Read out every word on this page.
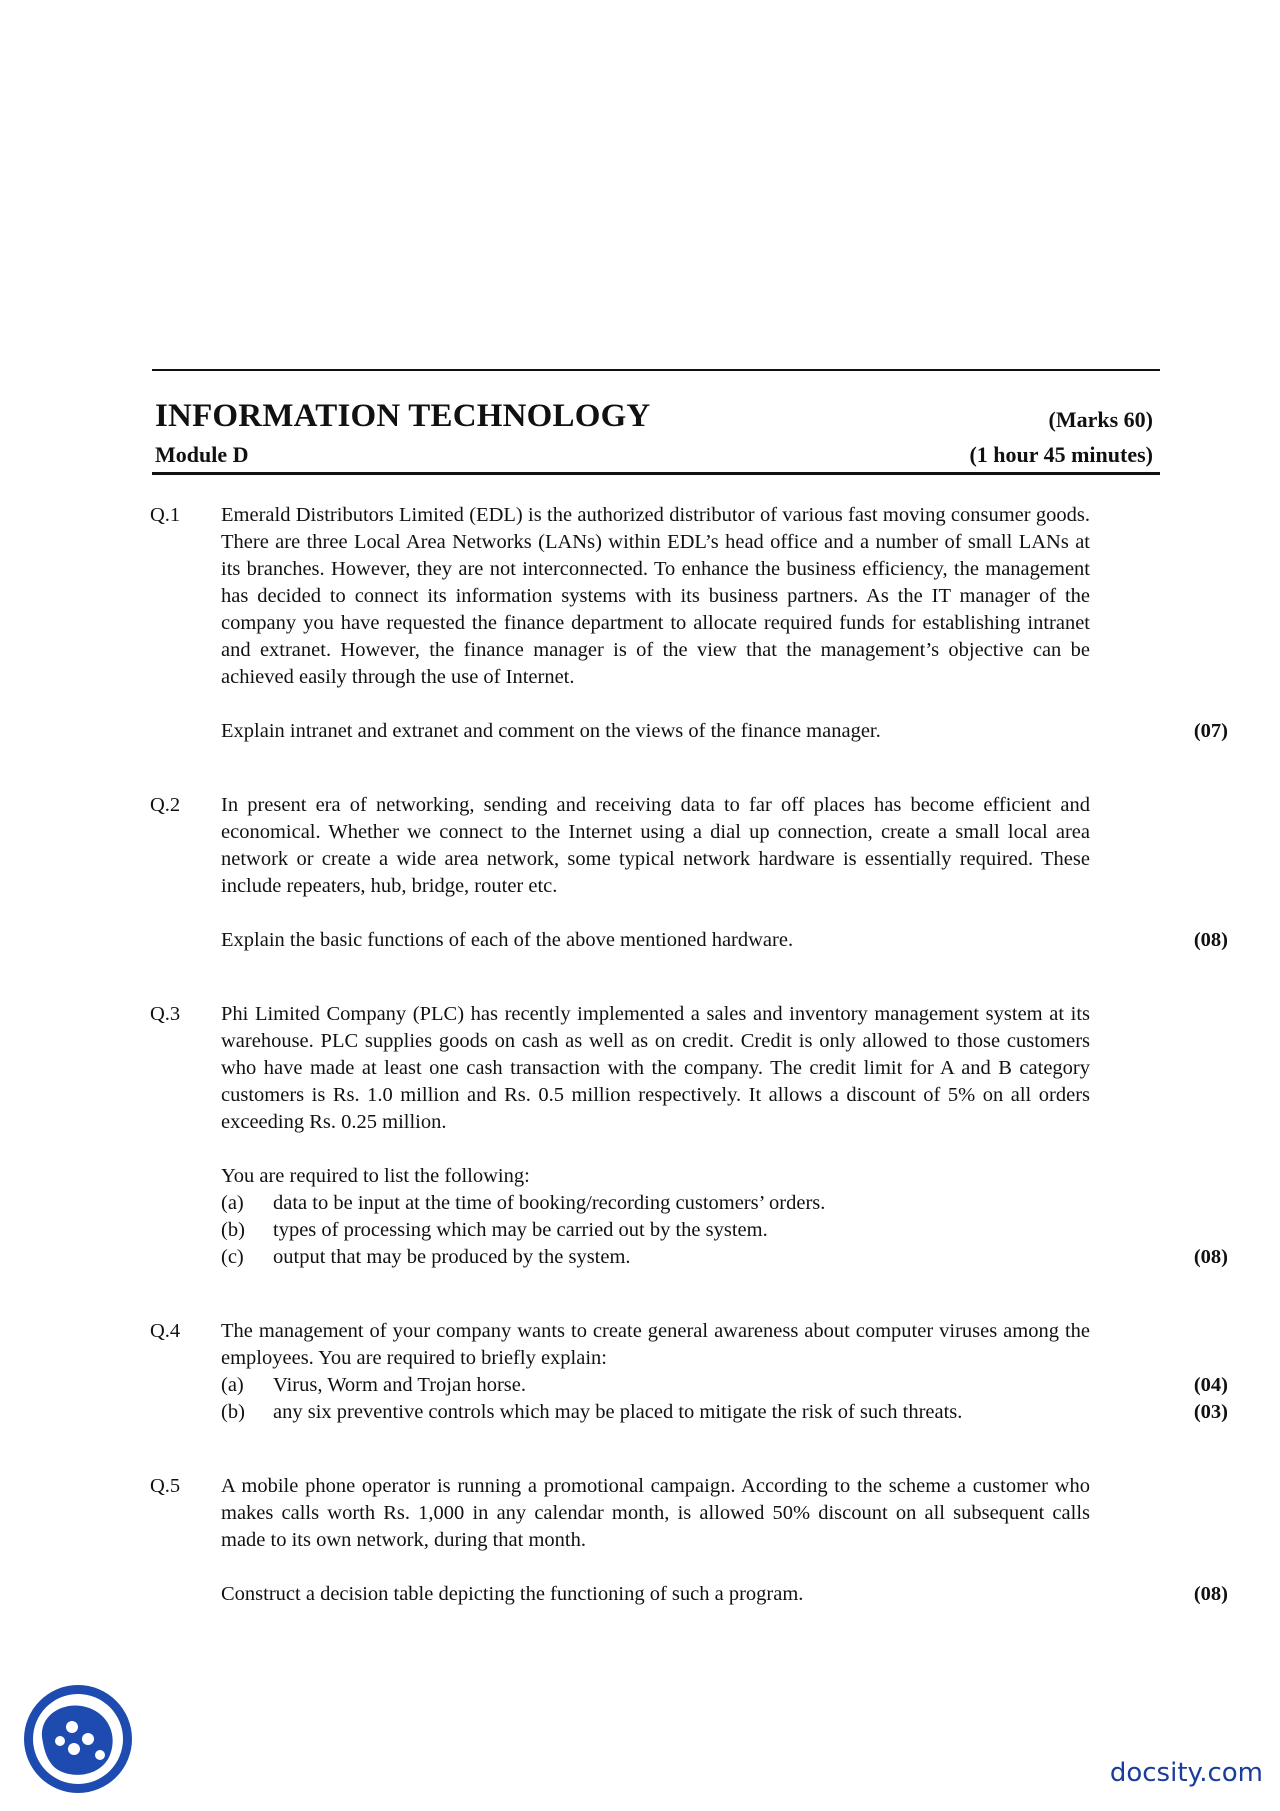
INFORMATION TECHNOLOGY	(Marks 60)
Module D	(1 hour 45 minutes)
Q.1 Emerald Distributors Limited (EDL) is the authorized distributor of various fast moving consumer goods. There are three Local Area Networks (LANs) within EDL’s head office and a number of small LANs at its branches. However, they are not interconnected. To enhance the business efficiency, the management has decided to connect its information systems with its business partners. As the IT manager of the company you have requested the finance department to allocate required funds for establishing intranet and extranet. However, the finance manager is of the view that the management’s objective can be achieved easily through the use of Internet.

Explain intranet and extranet and comment on the views of the finance manager.	(07)
Q.2 In present era of networking, sending and receiving data to far off places has become efficient and economical. Whether we connect to the Internet using a dial up connection, create a small local area network or create a wide area network, some typical network hardware is essentially required. These include repeaters, hub, bridge, router etc.

Explain the basic functions of each of the above mentioned hardware.	(08)
Q.3 Phi Limited Company (PLC) has recently implemented a sales and inventory management system at its warehouse. PLC supplies goods on cash as well as on credit. Credit is only allowed to those customers who have made at least one cash transaction with the company. The credit limit for A and B category customers is Rs. 1.0 million and Rs. 0.5 million respectively. It allows a discount of 5% on all orders exceeding Rs. 0.25 million.

You are required to list the following:
(a) data to be input at the time of booking/recording customers’ orders.
(b) types of processing which may be carried out by the system.
(c) output that may be produced by the system.	(08)
Q.4 The management of your company wants to create general awareness about computer viruses among the employees. You are required to briefly explain:

(a) Virus, Worm and Trojan horse.	(04)
(b) any six preventive controls which may be placed to mitigate the risk of such threats.	(03)
Q.5 A mobile phone operator is running a promotional campaign. According to the scheme a customer who makes calls worth Rs. 1,000 in any calendar month, is allowed 50% discount on all subsequent calls made to its own network, during that month.

Construct a decision table depicting the functioning of such a program.	(08)
docsity.com
